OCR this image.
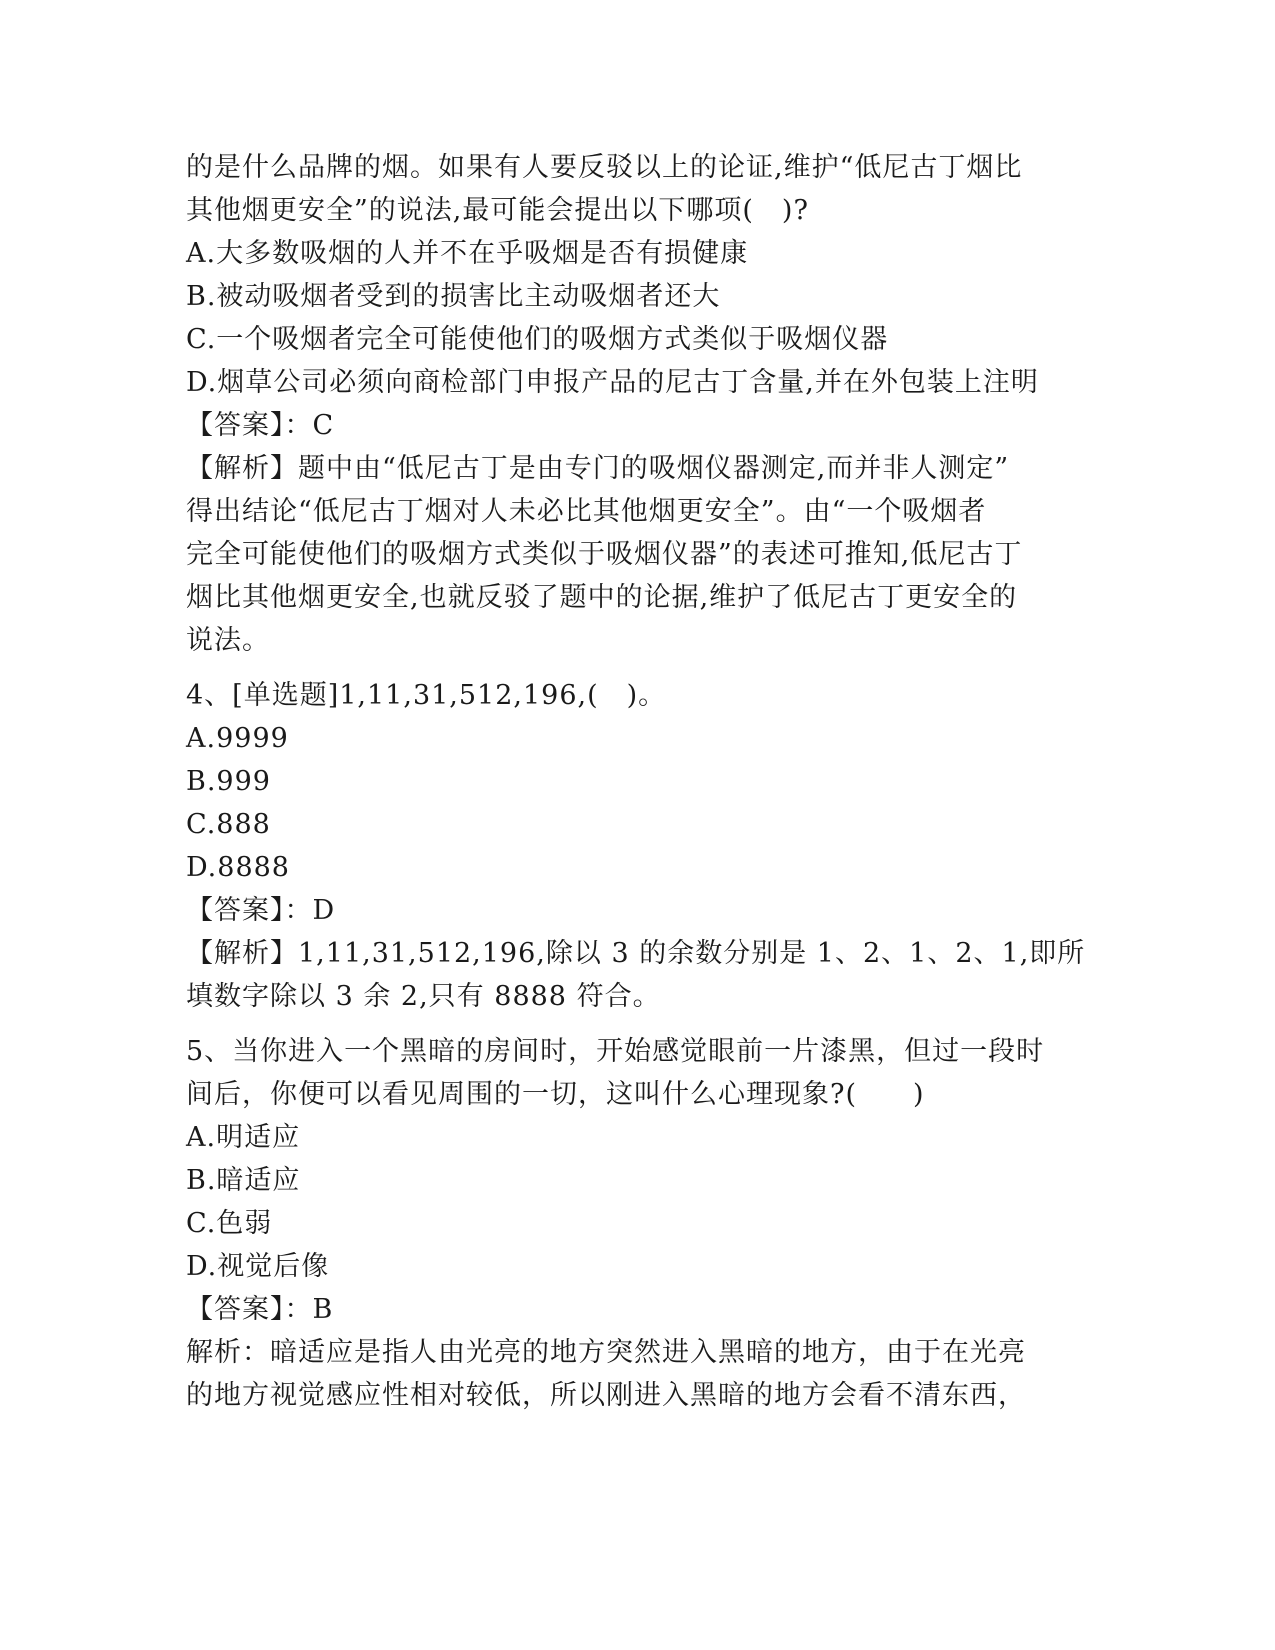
的是什么品牌的烟。如果有人要反驳以上的论证,维护“低尼古丁烟比
其他烟更安全”的说法,最可能会提出以下哪项(　)?
A.大多数吸烟的人并不在乎吸烟是否有损健康
B.被动吸烟者受到的损害比主动吸烟者还大
C.一个吸烟者完全可能使他们的吸烟方式类似于吸烟仪器
D.烟草公司必须向商检部门申报产品的尼古丁含量,并在外包装上注明
【答案】：C
【解析】题中由“低尼古丁是由专门的吸烟仪器测定,而并非人测定”
得出结论“低尼古丁烟对人未必比其他烟更安全”。由“一个吸烟者
完全可能使他们的吸烟方式类似于吸烟仪器”的表述可推知,低尼古丁
烟比其他烟更安全,也就反驳了题中的论据,维护了低尼古丁更安全的
说法。
4、[单选题]1,11,31,512,196,(　)。
A.9999
B.999
C.888
D.8888
【答案】：D
【解析】1,11,31,512,196,除以 3 的余数分别是 1、2、1、2、1,即所
填数字除以 3 余 2,只有 8888 符合。
5、当你进入一个黑暗的房间时，开始感觉眼前一片漆黑，但过一段时
间后，你便可以看见周围的一切，这叫什么心理现象?(　　)
A.明适应
B.暗适应
C.色弱
D.视觉后像
【答案】：B
解析：暗适应是指人由光亮的地方突然进入黑暗的地方，由于在光亮
的地方视觉感应性相对较低，所以刚进入黑暗的地方会看不清东西，
